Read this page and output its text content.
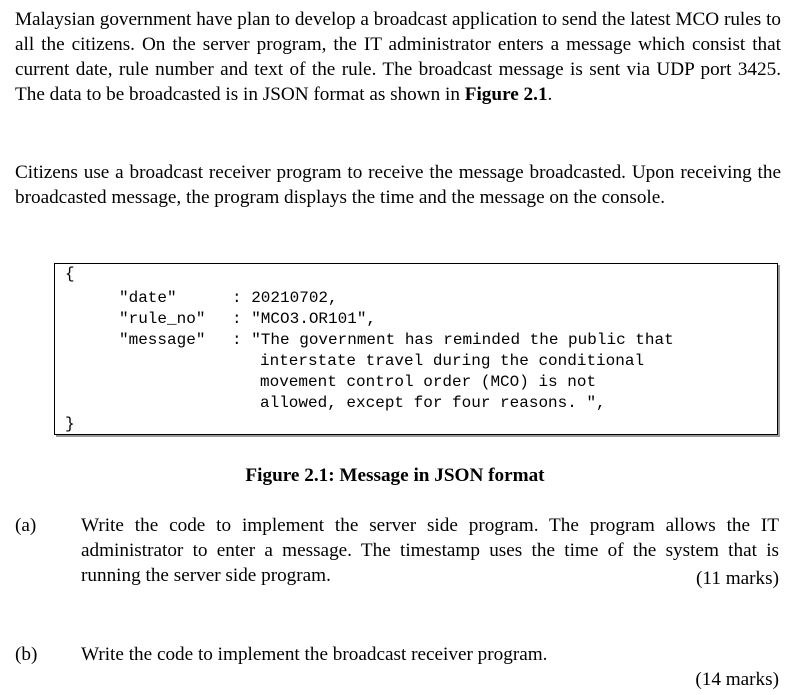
Malaysian government have plan to develop a broadcast application to send the latest MCO rules to all the citizens. On the server program, the IT administrator enters a message which consist that current date, rule number and text of the rule. The broadcast message is sent via UDP port 3425. The data to be broadcasted is in JSON format as shown in Figure 2.1.

Citizens use a broadcast receiver program to receive the message broadcasted. Upon receiving the broadcasted message, the program displays the time and the message on the console.

{
"date"	: 20210702,
"rule_no" : "MCO3.OR101",
"message" : "The government has reminded the public that
interstate travel during the conditional
movement control order (MCO) is not
allowed, except for four reasons. ",
}
Figure 2.1: Message in JSON format
(a) Write the code to implement the server side program. The program allows the IT administrator to enter a message. The timestamp uses the time of the system that is running the server side program.	(11 marks)
(b) Write the code to implement the broadcast receiver program.
(14 marks)
